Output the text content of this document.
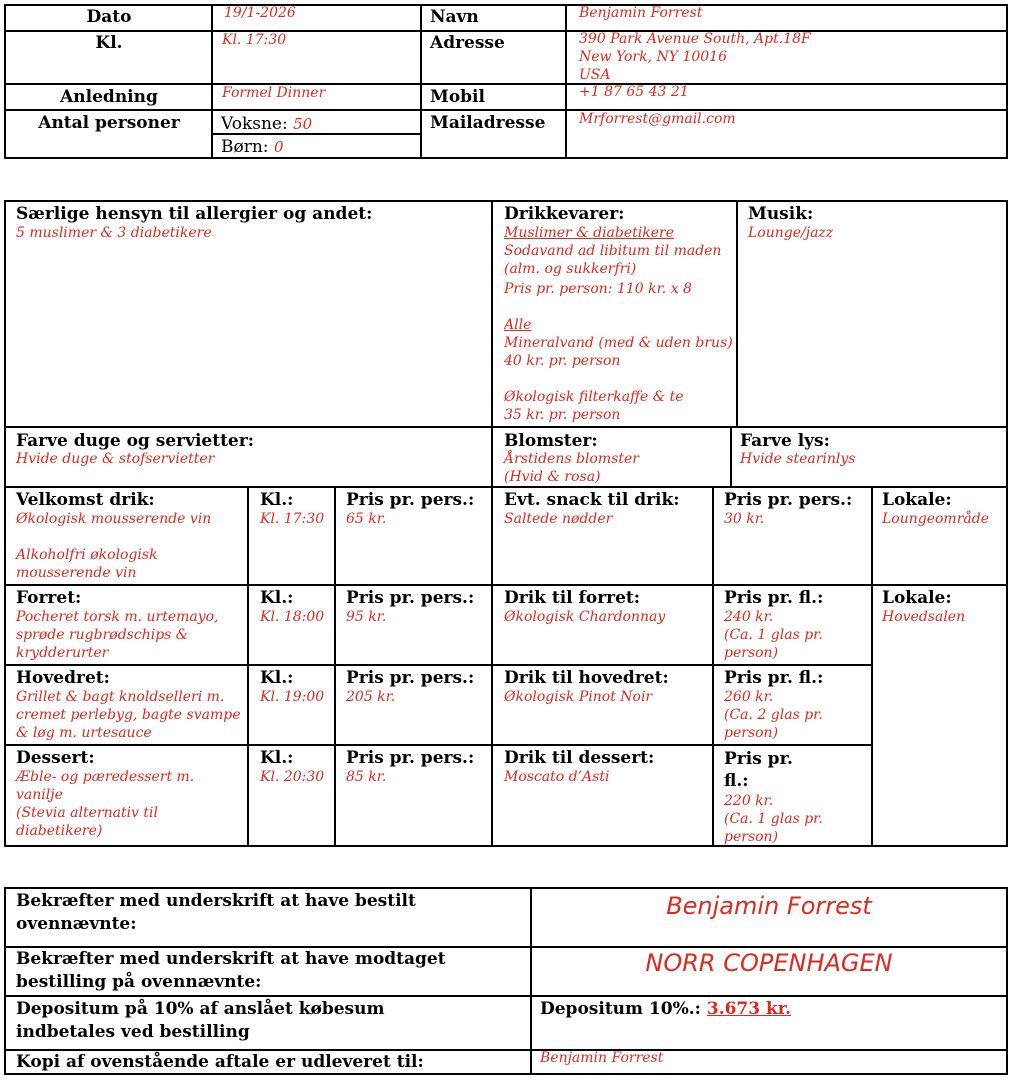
Dato
Kl.
Anledning
Antal personer
19/1-2026
Kl. 17:30
Formel Dinner
Voksne: 50
Børn: 0
Navn
Adresse
Mobil
Mailadresse
Benjamin Forrest
390 Park Avenue South, Apt.18F
New York, NY 10016
USA
+1 87 65 43 21
Mrforrest@gmail.com
Særlige hensyn til allergier og andet:
5 muslimer & 3 diabetikere
Drikkevarer:
Muslimer & diabetikere
Sodavand ad libitum til maden
(alm. og sukkerfri)
Pris pr. person: 110 kr. x 8
Alle
Mineralvand (med & uden brus)
40 kr. pr. person

Økologisk filterkaffe & te
35 kr. pr. person
Musik:
Lounge/jazz
Farve duge og servietter:
Hvide duge & stofservietter
Blomster:
Årstidens blomster
(Hvid & rosa)
Farve lys:
Hvide stearinlys
Velkomst drik:
Økologisk mousserende vin

Alkoholfri økologisk
mousserende vin
Kl.:
Kl. 17:30
Pris pr. pers.:
65 kr.
Evt. snack til drik:
Saltede nødder
Pris pr. pers.:
30 kr.
Lokale:
Loungeområde
Forret:
Pocheret torsk m. urtemayo,
sprøde rugbrødschips &
krydderurter
Kl.:
Kl. 18:00
Pris pr. pers.:
95 kr.
Drik til forret:
Økologisk Chardonnay
Pris pr. fl.:
240 kr.
(Ca. 1 glas pr.
person)
Lokale:
Hovedsalen
Hovedret:
Grillet & bagt knoldselleri m.
cremet perlebyg, bagte svampe
& løg m. urtesauce
Kl.:
Kl. 19:00
Pris pr. pers.:
205 kr.
Drik til hovedret:
Økologisk Pinot Noir
Pris pr. fl.:
260 kr.
(Ca. 2 glas pr.
person)
Dessert:
Æble- og pæredessert m.
vanilje
(Stevia alternativ til
diabetikere)
Kl.:
Kl. 20:30
Pris pr. pers.:
85 kr.
Drik til dessert:
Moscato d’Asti
Pris pr.
fl.:
220 kr.
(Ca. 1 glas pr.
person)
Bekræfter med underskrift at have bestilt ovennævnte:
Benjamin Forrest
Bekræfter med underskrift at have modtaget bestilling på ovennævnte:
NORR COPENHAGEN
Depositum på 10% af anslået købesum indbetales ved bestilling
Depositum 10%.: 3.673 kr.
Kopi af ovenstående aftale er udleveret til:	Benjamin Forrest
